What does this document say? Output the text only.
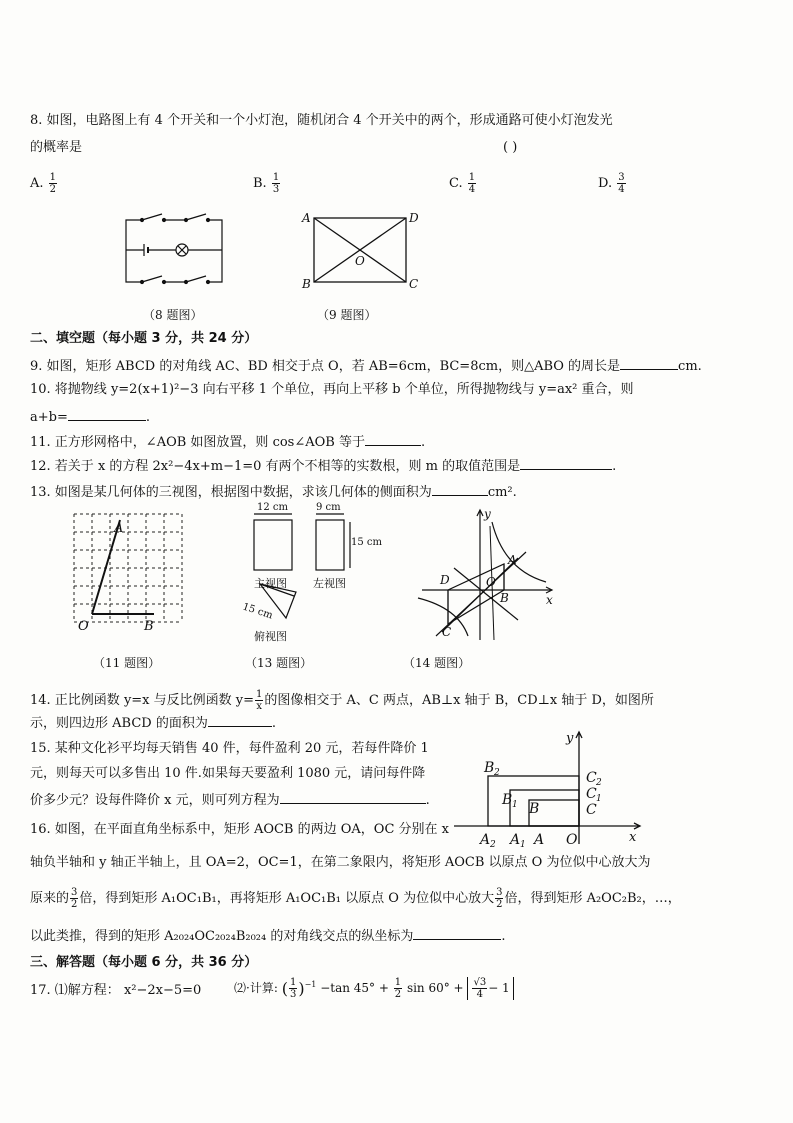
8. 如图，电路图上有 4 个开关和一个小灯泡，随机闭合 4 个开关中的两个，形成通路可使小灯泡发光
的概率是	( )
A. $\frac{1}{2}$	B. $\frac{1}{3}$	C. $\frac{1}{4}$	D. $\frac{3}{4}$
（8 题图）
A	D
B	C
O
（9 题图）
二、填空题（每小题 3 分，共 24 分）
9. 如图，矩形 ABCD 的对角线 AC、BD 相交于点 O，若 AB=6cm，BC=8cm，则△ABO 的周长是	cm.
10. 将抛物线 y=2(x+1)²−3 向右平移 1 个单位，再向上平移 b 个单位，所得抛物线与 y=ax² 重合，则
a+b=	.
11. 正方形网格中，∠AOB 如图放置，则 cos∠AOB 等于	.
12. 若关于 x 的方程 2x²−4x+m−1=0 有两个不相等的实数根，则 m 的取值范围是	.
13. 如图是某几何体的三视图，根据图中数据，求该几何体的侧面积为	cm².
A
O	B
（11 题图）
12 cm	9 cm
15 cm
主视图 左视图
15 cm
俯视图
（13 题图）
y
x
A
B
C
D	O
（14 题图）
14. 正比例函数 y=x 与反比例函数 $y= \frac{1}{x}$ 的图像相交于 A、C 两点，AB⊥x 轴于 B，CD⊥x 轴于 D，如图所
示，则四边形 ABCD 的面积为	.
15. 某种文化衫平均每天销售 40 件，每件盈利 20 元，若每件降价 1
元，则每天可以多售出 10 件.如果每天要盈利 1080 元，请问每件降
价多少元？设每件降价 x 元，则可列方程为	.
y
x
O
A
A 1
A 2
B
B 1
B 2
C
C 1
C 2
16. 如图，在平面直角坐标系中，矩形 AOCB 的两边 OA，OC 分别在 x
轴负半轴和 y 轴正半轴上，且 OA=2，OC=1，在第二象限内，将矩形 AOCB 以原点 O 为位似中心放大为
原来的 $\frac{3}{2}$ 倍，得到矩形 A₁OC₁B₁，再将矩形 A₁OC₁B₁ 以原点 O 为位似中心放大 $\frac{3}{2}$ 倍，得到矩形 A₂OC₂B₂，…，
以此类推，得到的矩形 A₂₀₂₄OC₂₀₂₄B₂₀₂₄ 的对角线交点的纵坐标为	.
三、解答题（每小题 6 分，共 36 分）
17. ⑴解方程： x²−2x−5=0	⑵·计算: ( $\frac{1}{3} )^{-1} -\tan$ $45^\circ + \frac{1}{2}$ $\sin 60^\circ + \frac{√3}{4} - 1$
